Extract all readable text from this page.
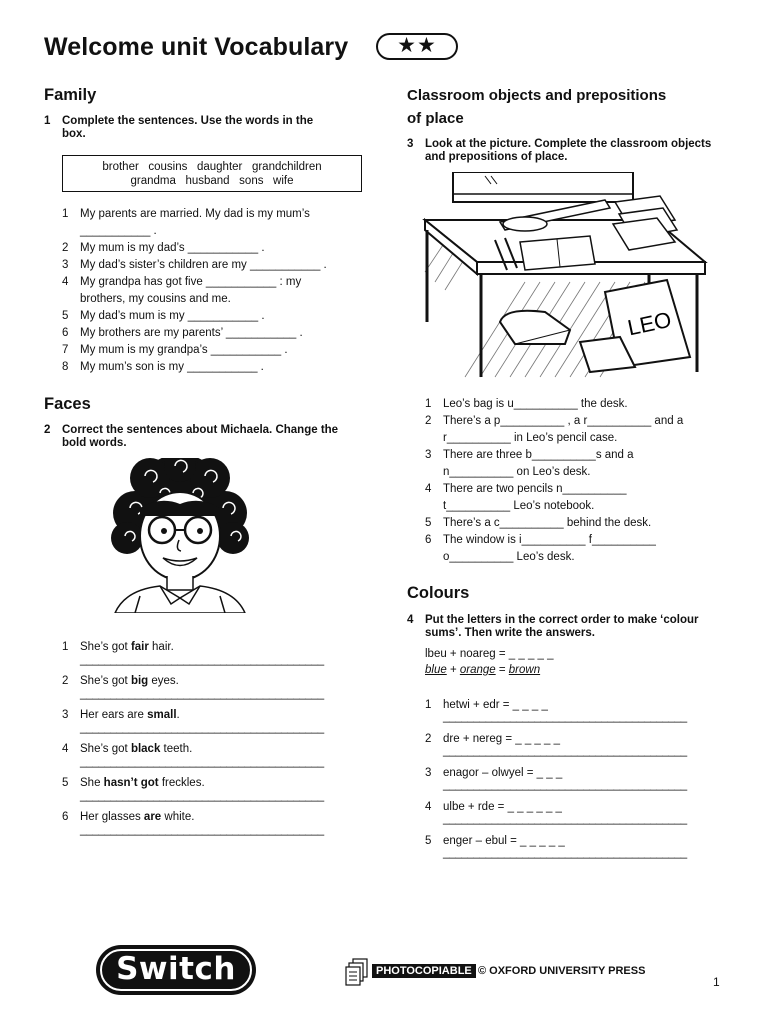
Welcome unit Vocabulary	★★
Family
1 Complete the sentences. Use the words in the box.
brother   cousins   daughter   grandchildren
grandma   husband   sons   wife
1 My parents are married. My dad is my mum’s
___________ .
2 My mum is my dad’s ___________ .
3 My dad’s sister’s children are my ___________ .
4 My grandpa has got five ___________ : my
brothers, my cousins and me.
5 My dad’s mum is my ___________ .
6 My brothers are my parents’ ___________ .
7 My mum is my grandpa’s ___________ .
8 My mum’s son is my ___________ .
Faces
2 Correct the sentences about Michaela. Change the bold words.
1 She’s got fair hair.
________________________________________
2 She’s got big eyes.
________________________________________
3 Her ears are small.
________________________________________
4 She’s got black teeth.
________________________________________
5 She hasn’t got freckles.
________________________________________
6 Her glasses are white.
________________________________________
Classroom objects and prepositions
of place
3 Look at the picture. Complete the classroom objects and prepositions of place.
LEO
1 Leo’s bag is u__________ the desk.
2 There’s a p__________ , a r__________ and a
r__________ in Leo’s pencil case.
3 There are three b__________s and a
n__________ on Leo’s desk.
4 There are two pencils n__________
t__________ Leo’s notebook.
5 There’s a c__________ behind the desk.
6 The window is i__________ f__________
o__________ Leo’s desk.
Colours
4 Put the letters in the correct order to make ‘colour sums’. Then write the answers.
lbeu + noareg = _ _ _ _ _
blue + orange = brown
1 hetwi + edr = _ _ _ _
________________________________________
2 dre + nereg = _ _ _ _ _
________________________________________
3 enagor – olwyel = _ _ _
________________________________________
4 ulbe + rde = _ _ _ _ _ _
________________________________________
5 enger – ebul = _ _ _ _ _
________________________________________
Switch	PHOTOCOPIABLE © OXFORD UNIVERSITY PRESS
1
